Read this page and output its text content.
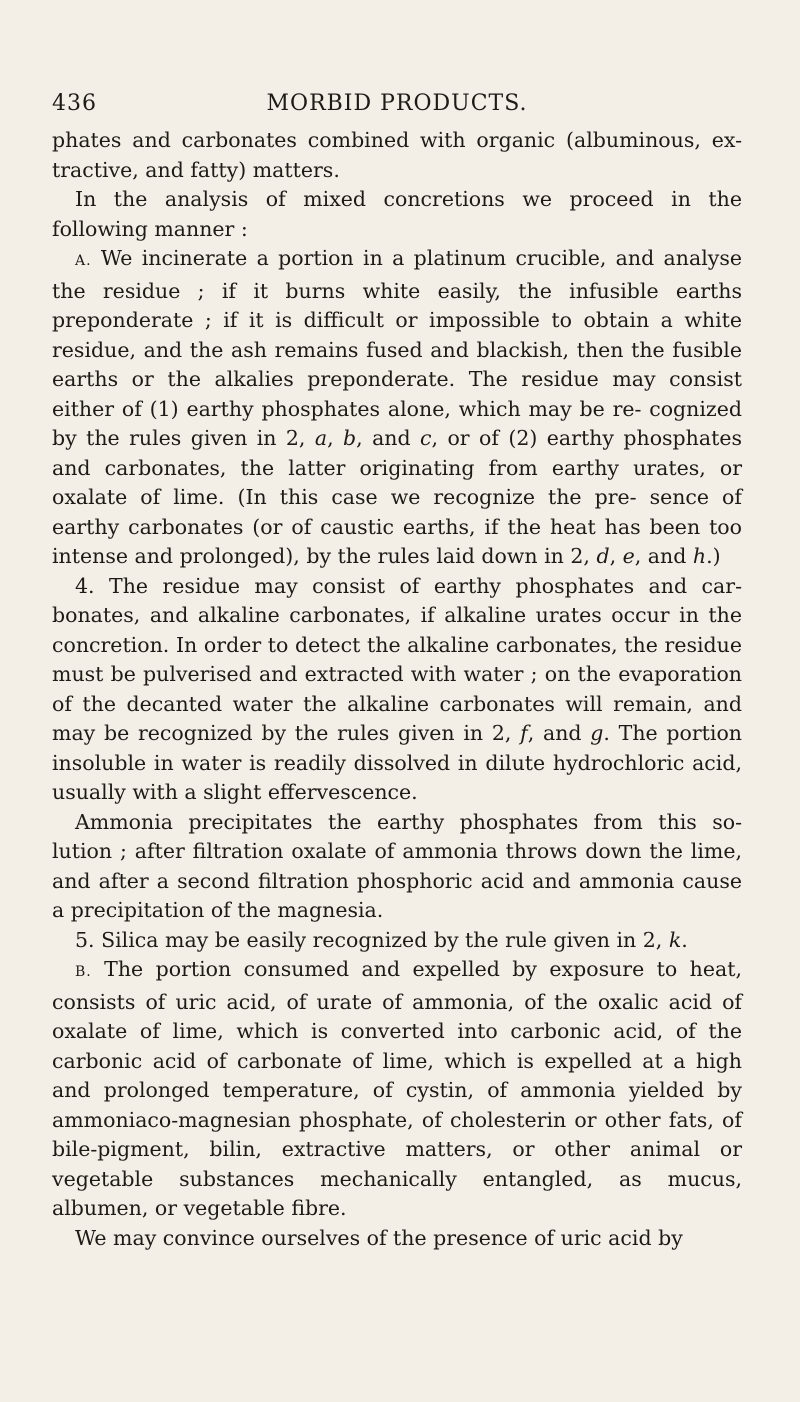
436	MORBID PRODUCTS.

phates and carbonates combined with organic (albuminous, ex- tractive, and fatty) matters.

In the analysis of mixed concretions we proceed in the following manner :

A. We incinerate a portion in a platinum crucible, and analyse the residue ; if it burns white easily, the infusible earths preponderate ; if it is difficult or impossible to obtain a white residue, and the ash remains fused and blackish, then the fusible earths or the alkalies preponderate. The residue may consist either of (1) earthy phosphates alone, which may be re- cognized by the rules given in 2, a, b, and c, or of (2) earthy phosphates and carbonates, the latter originating from earthy urates, or oxalate of lime. (In this case we recognize the pre- sence of earthy carbonates (or of caustic earths, if the heat has been too intense and prolonged), by the rules laid down in 2, d, e, and h.)

4. The residue may consist of earthy phosphates and car- bonates, and alkaline carbonates, if alkaline urates occur in the concretion. In order to detect the alkaline carbonates, the residue must be pulverised and extracted with water ; on the evaporation of the decanted water the alkaline carbonates will remain, and may be recognized by the rules given in 2, f, and g. The portion insoluble in water is readily dissolved in dilute hydrochloric acid, usually with a slight effervescence.

Ammonia precipitates the earthy phosphates from this so- lution ; after filtration oxalate of ammonia throws down the lime, and after a second filtration phosphoric acid and ammonia cause a precipitation of the magnesia.

5. Silica may be easily recognized by the rule given in 2, k.

B. The portion consumed and expelled by exposure to heat, consists of uric acid, of urate of ammonia, of the oxalic acid of oxalate of lime, which is converted into carbonic acid, of the carbonic acid of carbonate of lime, which is expelled at a high and prolonged temperature, of cystin, of ammonia yielded by ammoniaco-magnesian phosphate, of cholesterin or other fats, of bile-pigment, bilin, extractive matters, or other animal or vegetable substances mechanically entangled, as mucus, albumen, or vegetable fibre.

We may convince ourselves of the presence of uric acid by
